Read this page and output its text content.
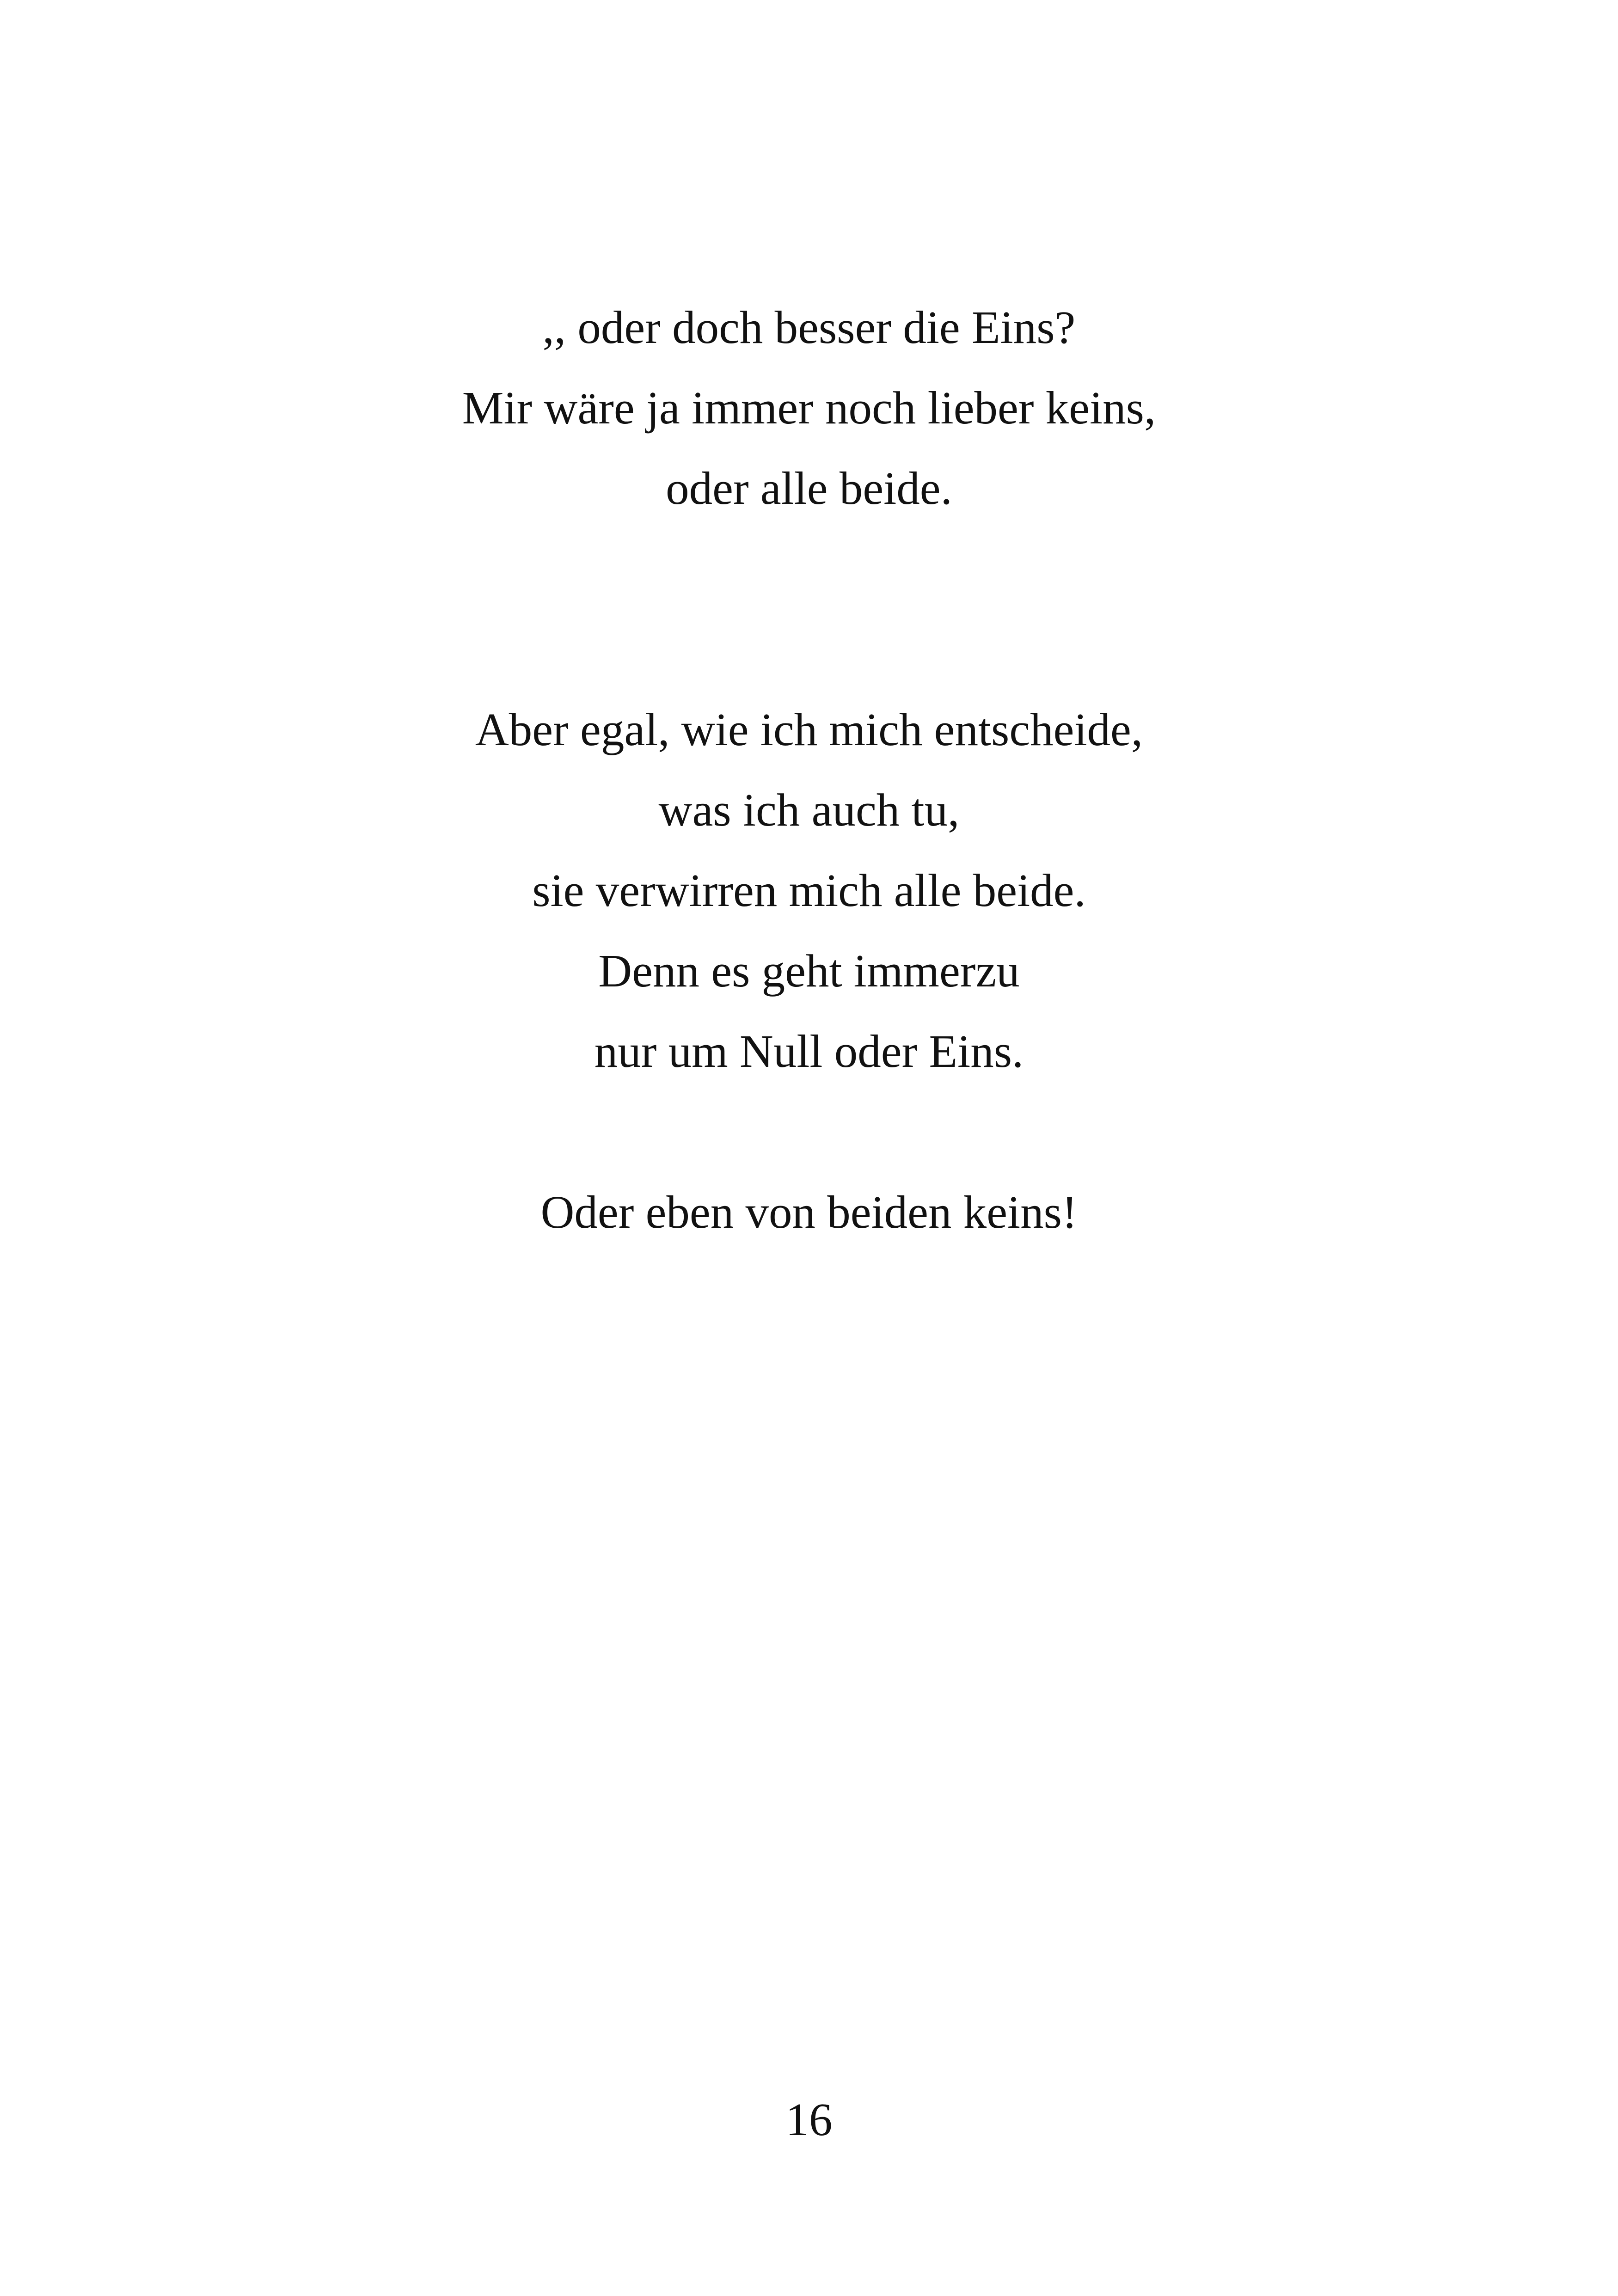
,, oder doch besser die Eins?

Mir wäre ja immer noch lieber keins,

oder alle beide.

Aber egal, wie ich mich entscheide,

was ich auch tu,

sie verwirren mich alle beide.

Denn es geht immerzu

nur um Null oder Eins.

Oder eben von beiden keins!

16
